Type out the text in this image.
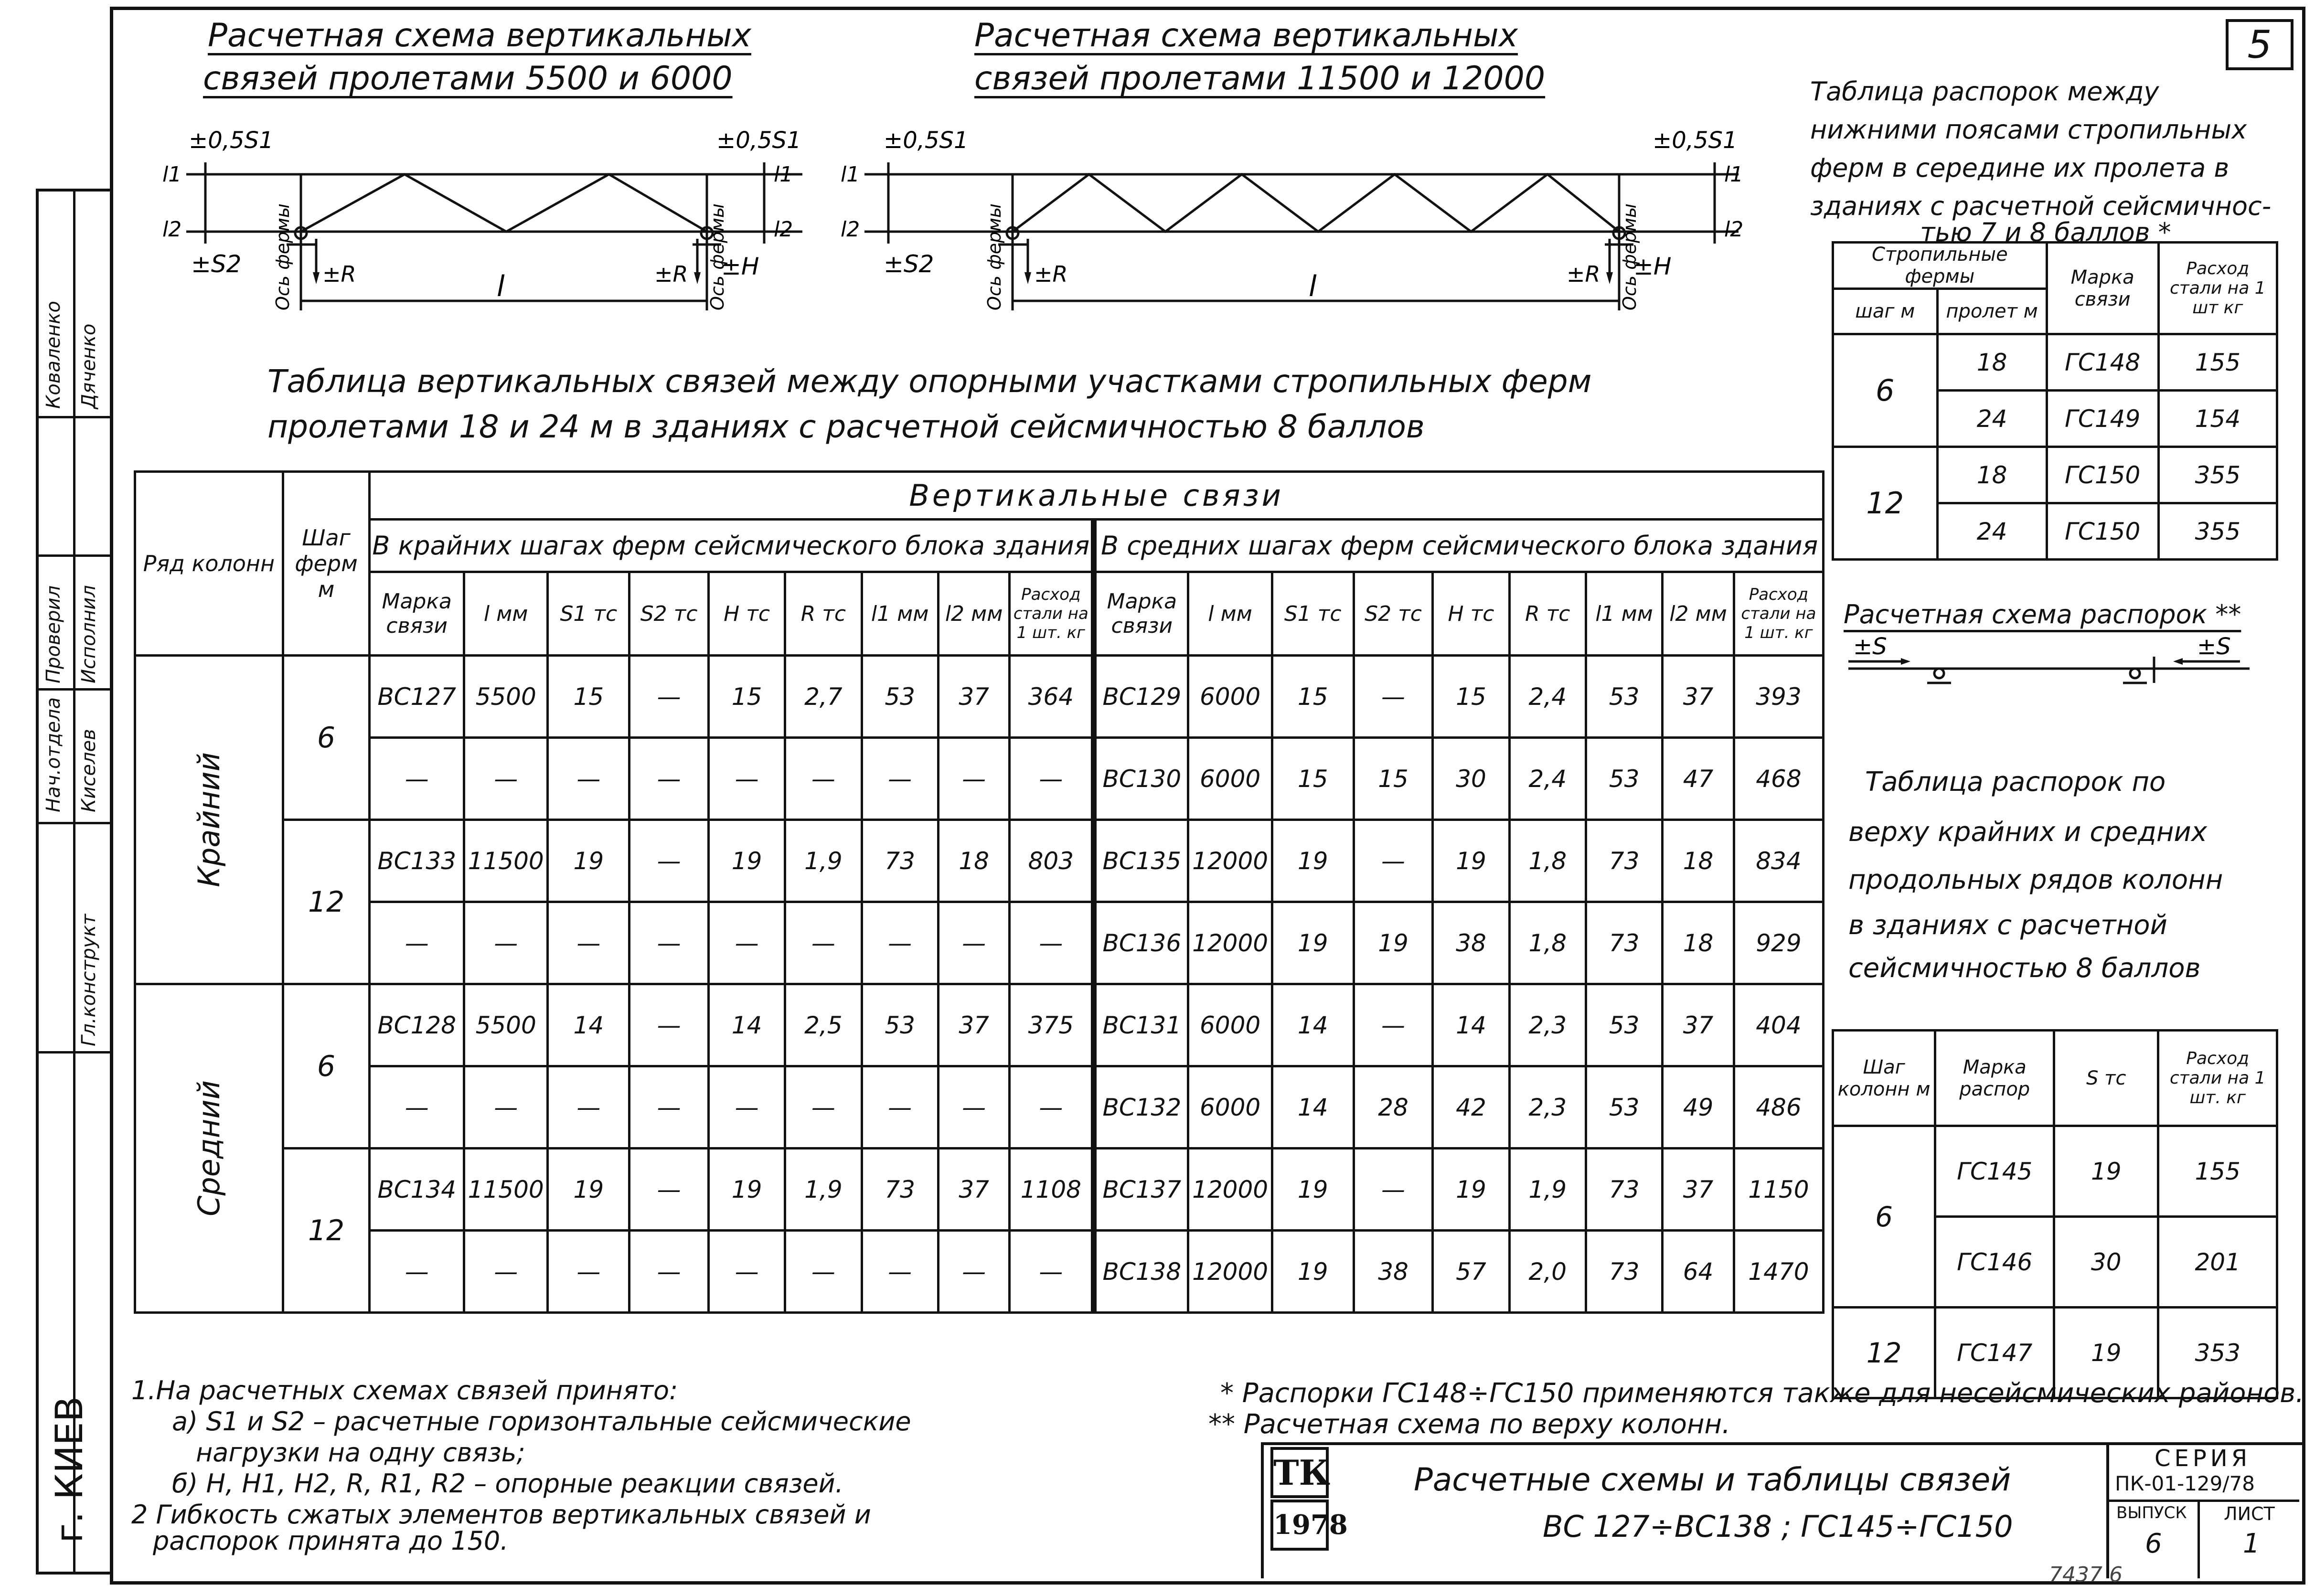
г. КИЕВ
Гл.конструкт
Нач.отдела
Проверил Исполнил
Коваленко
Киселев
Дяченко
5
Расчетная схема вертикальных
связей пролетами 5500 и 6000
Расчетная схема вертикальных
связей пролетами 11500 и 12000
±0,5S1	±0,5S1
±S2	±H
±R	±R
l
l1
l2
l1
l2
Ось фермы	Ось фермы
±0,5S1	±0,5S1
±S2	±H
±R	±R
l
l1
l2
l1
l2
Ось фермы	Ось фермы
Таблица вертикальных связей между опорными участками стропильных ферм
пролетами 18 и 24 м в зданиях с расчетной сейсмичностью 8 баллов
Ряд колонн	Шаг ферм м	Вертикальные связи																	
		В крайних шагах ферм сейсмического блока здания									В средних шагах ферм сейсмического блока здания								
		Марка связи	l мм	S1 тс	S2 тс	H тс	R тс	l1 мм	l2 мм	Расход стали на 1 шт. кг	Марка связи	l мм	S1 тс	S2 тс	H тс	R тс	l1 мм	l2 мм	Расход стали на 1 шт. кг
Крайний	6	ВС127	5500	15	—	15	2,7	53	37	364	ВС129	6000	15	—	15	2,4	53	37	393
		—	—	—	—	—	—	—	—	—	ВС130	6000	15	15	30	2,4	53	47	468
	12	ВС133	11500	19	—	19	1,9	73	18	803	ВС135	12000	19	—	19	1,8	73	18	834
		—	—	—	—	—	—	—	—	—	ВС136	12000	19	19	38	1,8	73	18	929
Средний	6	ВС128	5500	14	—	14	2,5	53	37	375	ВС131	6000	14	—	14	2,3	53	37	404
		—	—	—	—	—	—	—	—	—	ВС132	6000	14	28	42	2,3	53	49	486
	12	ВС134	11500	19	—	19	1,9	73	37	1108	ВС137	12000	19	—	19	1,9	73	37	1150
		—	—	—	—	—	—	—	—	—	ВС138	12000	19	38	57	2,0	73	64	1470
Таблица распорок между
нижними поясами стропильных
ферм в середине их пролета в
зданиях с расчетной сейсмичнос-
тью 7 и 8 баллов *
Стропильные фермы		Марка связи	Расход стали на 1 шт кг
шаг м	пролет м		
6	18	ГС148	155
	24	ГС149	154
12	18	ГС150	355
	24	ГС150	355
Расчетная схема распорок **
±S	±S
Таблица распорок по
верху крайних и средних
продольных рядов колонн
в зданиях с расчетной
сейсмичностью 8 баллов
Шаг колонн м	Марка распор	S тс	Расход стали на 1 шт. кг
6	ГС145	19	155
	ГС146	30	201
12	ГС147	19	353
1.На расчетных схемах связей принято:
а) S1 и S2 – расчетные горизонтальные сейсмические
нагрузки на одну связь;
б) H, H1, H2, R, R1, R2 – опорные реакции связей.
2 Гибкость сжатых элементов вертикальных связей и
распорок принята до 150.
* Распорки ГС148÷ГС150 применяются также для несейсмических районов.
** Расчетная схема по верху колонн.
ТК
1978
Расчетные схемы и таблицы связей
ВС 127÷ВС138 ; ГС145÷ГС150
СЕРИЯ
ПК-01-129/78
ВЫПУСК
6
ЛИСТ
1
7437 6
